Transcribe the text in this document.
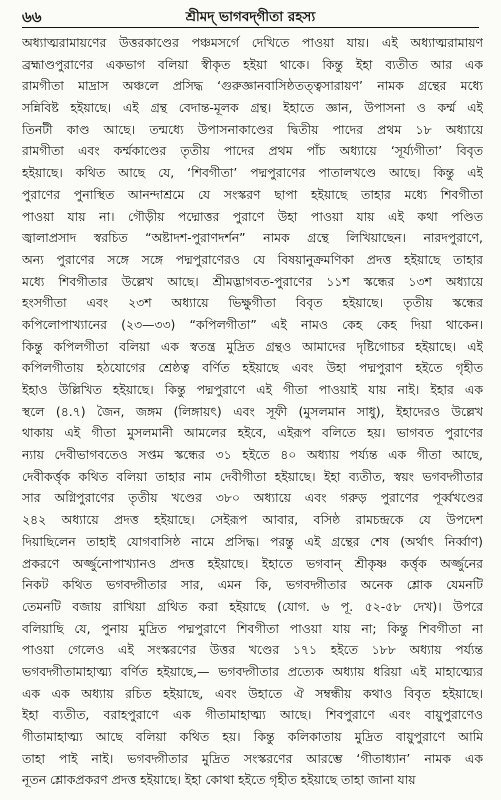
৬৬	শ্রীমদ্ ভাগবদ্‌গীতা রহস্য
অধ্যাত্মরামায়ণের উত্তরকাণ্ডের পঞ্চমসর্গে দেখিতে পাওয়া যায়। এই অধ্যাত্মরামায়ণ
ব্রহ্মাণ্ডপুরাণের একভাগ বলিয়া স্বীকৃত হইয়া থাকে। কিন্তু ইহা ব্যতীত আর এক
রামগীতা মাদ্রাস অঞ্চলে প্রসিদ্ধ ‘গুরুজ্ঞানবাসিষ্ঠতত্ত্বসারায়ণ’ নামক গ্রন্থের মধ্যে
সন্নিবিষ্ট হইয়াছে। এই গ্রন্থ বেদান্ত-মূলক গ্রন্থ। ইহাতে জ্ঞান, উপাসনা ও কর্ম্ম এই
তিনটী কাণ্ড আছে। তন্মধ্যে উপাসনাকাণ্ডের দ্বিতীয় পাদের প্রথম ১৮ অধ্যায়ে
রামগীতা এবং কর্ম্মকাণ্ডের তৃতীয় পাদের প্রথম পাঁচ অধ্যায়ে ‘সূর্য্যগীতা’ বিবৃত
হইয়াছে। কথিত আছে যে, ‘শিবগীতা’ পদ্মপুরাণের পাতালখণ্ডে আছে। কিন্তু এই
পুরাণের পুনাস্থিত আনন্দাশ্রমে যে সংস্করণ ছাপা হইয়াছে তাহার মধ্যে শিবগীতা
পাওয়া যায় না। গৌড়ীয় পদ্মোত্তর পুরাণে উহা পাওয়া যায় এই কথা পণ্ডিত
জ্বালাপ্রসাদ স্বরচিত “অষ্টাদশ-পুরাণদর্শন” নামক গ্রন্থে লিখিয়াছেন। নারদপুরাণে,
অন্য পুরাণের সঙ্গে সঙ্গে পদ্মপুরাণেরও যে বিষয়ানুক্রমণিকা প্রদত্ত হইয়াছে তাহার
মধ্যে শিবগীতার উল্লেখ আছে। শ্রীমদ্ভাগবত-পুরাণের ১১শ স্কন্ধের ১৩শ অধ্যায়ে
হংসগীতা এবং ২৩শ অধ্যায়ে ভিক্ষুগীতা বিবৃত হইয়াছে। তৃতীয় স্কন্ধের
কপিলোপাখ্যানের (২৩—৩৩) “কপিলগীতা” এই নামও কেহ কেহ দিয়া থাকেন।
কিন্তু কপিলগীতা বলিয়া এক স্বতন্ত্র মুদ্রিত গ্রন্থও আমাদের দৃষ্টিগোচর হইয়াছে। এই
কপিলগীতায় হঠযোগের শ্রেষ্ঠত্ব বর্ণিত হইয়াছে এবং উহা পদ্মপুরাণ হইতে গৃহীত
ইহাও উল্লিখিত হইয়াছে। কিন্তু পদ্মপুরাণে এই গীতা পাওয়াই যায় নাই। ইহার এক
স্থলে (৪.৭) জৈন, জঙ্গম (লিঙ্গায়ৎ) এবং সূফী (মুসলমান সাধু), ইহাদেরও উল্লেখ
থাকায় এই গীতা মুসলমানী আমলের হইবে, এইরূপ বলিতে হয়। ভাগবত পুরাণের
ন্যায় দেবীভাগবতেও সপ্তম স্কন্ধের ৩১ হইতে ৪০ অধ্যায় পর্য্যন্ত এক গীতা আছে,
দেবীকর্ত্তৃক কথিত বলিয়া তাহার নাম দেবীগীতা হইয়াছে। ইহা ব্যতীত, স্বয়ং ভগবদ্গীতার
সার অগ্নিপুরাণের তৃতীয় খণ্ডের ৩৮০ অধ্যায়ে এবং গরুড় পুরাণের পূর্ব্বখণ্ডের
২৪২ অধ্যায়ে প্রদত্ত হইয়াছে। সেইরূপ আবার, বসিষ্ঠ রামচন্দ্রকে যে উপদেশ
দিয়াছিলেন তাহাই যোগবাসিষ্ঠ নামে প্রসিদ্ধ। পরন্তু এই গ্রন্থের শেষ (অর্থাৎ নির্ব্বাণ)
প্রকরণে অর্জ্জুনোপাখ্যানও প্রদত্ত হইয়াছে। ইহাতে ভগবান্ শ্রীকৃষ্ণ কর্ত্তৃক অর্জ্জুনের
নিকট কথিত ভগবদ্গীতার সার, এমন কি, ভগবদ্গীতার অনেক শ্লোক যেমনটি
তেমনটি বজায় রাখিয়া গ্রথিত করা হইয়াছে (যোগ. ৬ পূ. ৫২-৫৮ দেখ)। উপরে
বলিয়াছি যে, পুনায় মুদ্রিত পদ্মপুরাণে শিবগীতা পাওয়া যায় না; কিন্তু শিবগীতা না
পাওয়া গেলেও এই সংস্করণের উত্তর খণ্ডের ১৭১ হইতে ১৮৮ অধ্যায় পর্য্যন্ত
ভগবদ্গীতামাহাত্ম্য বর্ণিত হইয়াছে,— ভগবদ্গীতার প্রত্যেক অধ্যায় ধরিয়া এই মাহাত্ম্যের
এক এক অধ্যায় রচিত হইয়াছে, এবং উহাতে ঐ সম্বন্ধীয় কথাও বিবৃত হইয়াছে।
ইহা ব্যতীত, বরাহপুরাণে এক গীতামাহাত্ম্য আছে। শিবপুরাণে এবং বায়ুপুরাণেও
গীতামাহাত্ম্য আছে বলিয়া কথিত হয়। কিন্তু কলিকাতায় মুদ্রিত বায়ুপুরাণে আমি
তাহা পাই নাই। ভগবদ্গীতার মুদ্রিত সংস্করণের আরম্ভে ‘গীতাধ্যান’ নামক এক
নূতন শ্লোকপ্রকরণ প্রদত্ত হইয়াছে। ইহা কোথা হইতে গৃহীত হইয়াছে তাহা জানা যায়
